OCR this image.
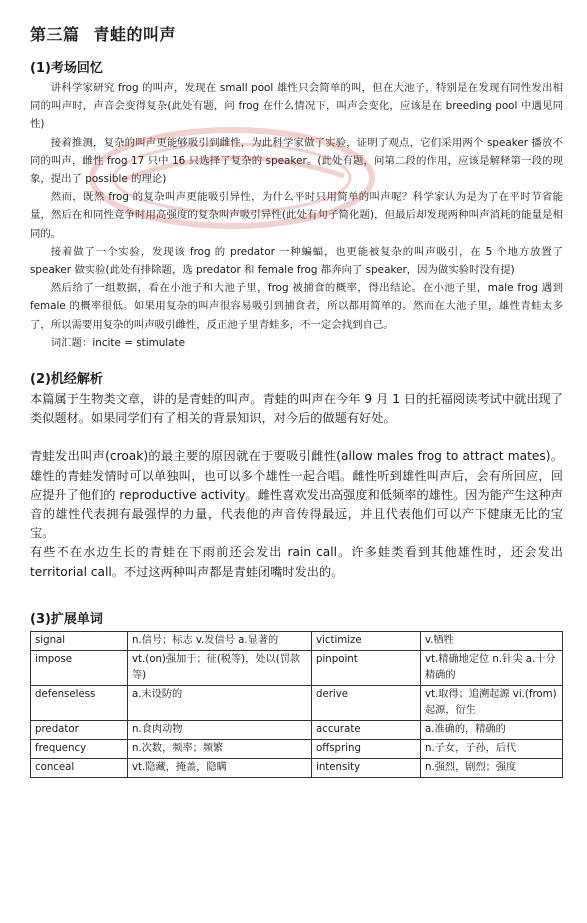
第三篇 青蛙的叫声
(1)考场回忆

讲科学家研究 frog 的叫声，发现在 small pool 雄性只会简单的叫，但在大池子，特别是在发现有同性发出相同的叫声时，声音会变得复杂(此处有题，问 frog 在什么情况下，叫声会变化，应该是在 breeding pool 中遇见同性)

接着推测，复杂的叫声更能够吸引到雌性，为此科学家做了实验，证明了观点，它们采用两个 speaker 播放不同的叫声，雌性 frog 17 只中 16 只选择了复杂的 speaker。(此处有题，问第二段的作用，应该是解释第一段的现象，提出了 possible 的理论)

然而，既然 frog 的复杂叫声更能吸引异性，为什么平时只用简单的叫声呢？科学家认为是为了在平时节省能量，然后在和同性竞争时用高强度的复杂叫声吸引异性(此处有句子简化题)，但最后却发现两种叫声消耗的能量是相同的。

接着做了一个实验，发现该 frog 的 predator 一种蝙蝠，也更能被复杂的叫声吸引，在 5 个地方放置了 speaker 做实验(此处有排除题，选 predator 和 female frog 都奔向了 speaker，因为做实验时没有提)

然后给了一组数据，看在小池子和大池子里，frog 被捕食的概率，得出结论。在小池子里，male frog 遇到 female 的概率很低。如果用复杂的叫声很容易吸引到捕食者，所以都用简单的。然而在大池子里，雄性青蛙太多了，所以需要用复杂的叫声吸引雌性，反正池子里青蛙多，不一定会找到自己。

词汇题：incite = stimulate

(2)机经解析

本篇属于生物类文章，讲的是青蛙的叫声。青蛙的叫声在今年 9 月 1 日的托福阅读考试中就出现了类似题材。如果同学们有了相关的背景知识，对今后的做题有好处。

青蛙发出叫声(croak)的最主要的原因就在于要吸引雌性(allow males frog to attract mates)。雄性的青蛙发情时可以单独叫，也可以多个雄性一起合唱。雌性听到雄性叫声后，会有所回应，回应提升了他们的 reproductive activity。雌性喜欢发出高强度和低频率的雄性。因为能产生这种声音的雄性代表拥有最强悍的力量，代表他的声音传得最远，并且代表他们可以产下健康无比的宝宝。

有些不在水边生长的青蛙在下雨前还会发出 rain call。许多蛙类看到其他雄性时，还会发出 territorial call。不过这两种叫声都是青蛙闭嘴时发出的。

(3)扩展单词
signal	n.信号；标志 v.发信号 a.显著的	victimize	v.牺牲
impose	vt.(on)强加于；征(税等)，处以(罚款等)	pinpoint	vt.精确地定位 n.针尖 a.十分精确的
defenseless	a.未设防的	derive	vt.取得；追溯起源 vi.(from)起源，衍生
predator	n.食肉动物	accurate	a.准确的，精确的
frequency	n.次数，频率；频繁	offspring	n.子女，子孙，后代
conceal	vt.隐藏，掩盖，隐瞒	intensity	n.强烈，剧烈；强度
